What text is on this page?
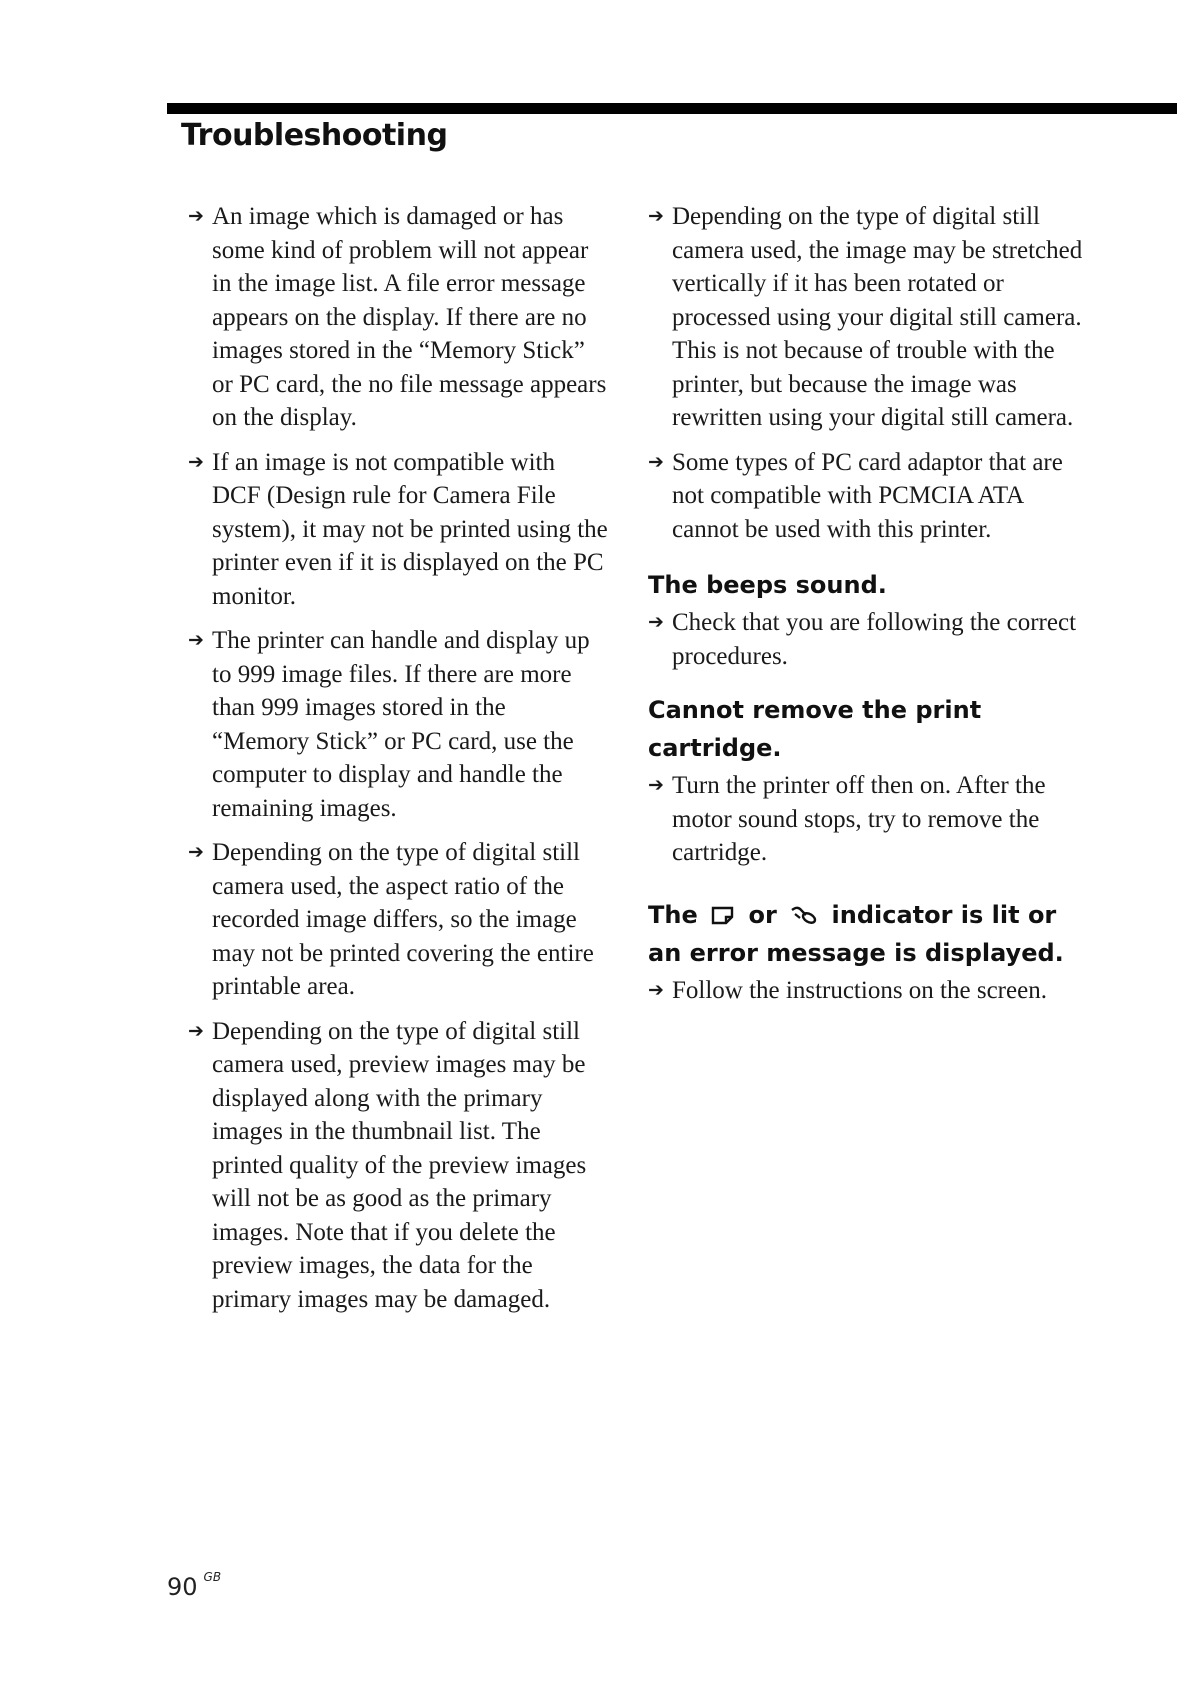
Troubleshooting

➔ An image which is damaged or has some kind of problem will not appear in the image list. A file error message appears on the display. If there are no images stored in the “Memory Stick” or PC card, the no file message appears on the display.

➔ If an image is not compatible with DCF (Design rule for Camera File system), it may not be printed using the printer even if it is displayed on the PC monitor.

➔ The printer can handle and display up to 999 image files. If there are more than 999 images stored in the “Memory Stick” or PC card, use the computer to display and handle the remaining images.

➔ Depending on the type of digital still camera used, the aspect ratio of the recorded image differs, so the image may not be printed covering the entire printable area.

➔ Depending on the type of digital still camera used, preview images may be displayed along with the primary images in the thumbnail list. The printed quality of the preview images will not be as good as the primary images. Note that if you delete the preview images, the data for the primary images may be damaged.

➔ Depending on the type of digital still camera used, the image may be stretched vertically if it has been rotated or processed using your digital still camera. This is not because of trouble with the printer, but because the image was rewritten using your digital still camera.

➔ Some types of PC card adaptor that are not compatible with PCMCIA ATA cannot be used with this printer.

The beeps sound.

➔ Check that you are following the correct procedures.

Cannot remove the print cartridge.

➔ Turn the printer off then on. After the motor sound stops, try to remove the cartridge.

The or indicator is lit or an error message is displayed.

➔ Follow the instructions on the screen.

90 $^{GB}$
